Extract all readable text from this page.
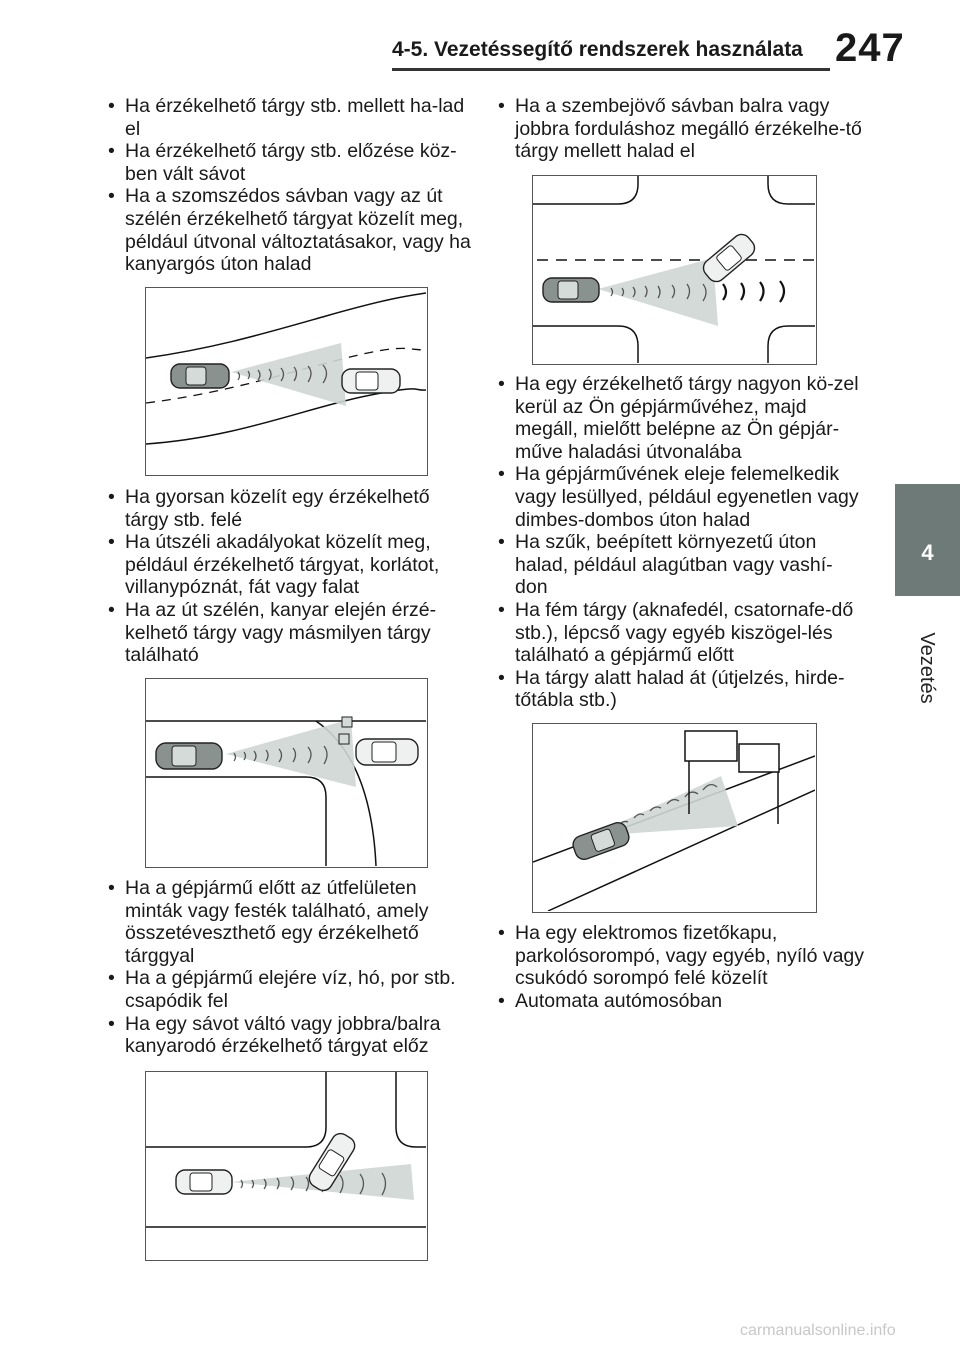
4-5. Vezetéssegítő rendszerek használata 247
4
Vezetés
• Ha érzékelhető tárgy stb. mellett ha-lad el
• Ha érzékelhető tárgy stb. előzése köz-ben vált sávot
• Ha a szomszédos sávban vagy az út szélén érzékelhető tárgyat közelít meg, például útvonal változtatásakor, vagy ha kanyargós úton halad
• Ha gyorsan közelít egy érzékelhető tárgy stb. felé
• Ha útszéli akadályokat közelít meg, például érzékelhető tárgyat, korlátot, villanypóznát, fát vagy falat
• Ha az út szélén, kanyar elején érzé-kelhető tárgy vagy másmilyen tárgy található
• Ha a gépjármű előtt az útfelületen minták vagy festék található, amely összetéveszthető egy érzékelhető tárggyal
• Ha a gépjármű elejére víz, hó, por stb. csapódik fel
• Ha egy sávot váltó vagy jobbra/balra kanyarodó érzékelhető tárgyat előz
• Ha a szembejövő sávban balra vagy jobbra forduláshoz megálló érzékelhe-tő tárgy mellett halad el
• Ha egy érzékelhető tárgy nagyon kö-zel kerül az Ön gépjárművéhez, majd megáll, mielőtt belépne az Ön gépjár-műve haladási útvonalába
• Ha gépjárművének eleje felemelkedik vagy lesüllyed, például egyenetlen vagy dimbes-dombos úton halad
• Ha szűk, beépített környezetű úton halad, például alagútban vagy vashí-don
• Ha fém tárgy (aknafedél, csatornafe-dő stb.), lépcső vagy egyéb kiszögel-lés található a gépjármű előtt
• Ha tárgy alatt halad át (útjelzés, hirde-tőtábla stb.)
• Ha egy elektromos fizetőkapu, parkolósorompó, vagy egyéb, nyíló vagy csukódó sorompó felé közelít
• Automata autómosóban
carmanualsonline.info
